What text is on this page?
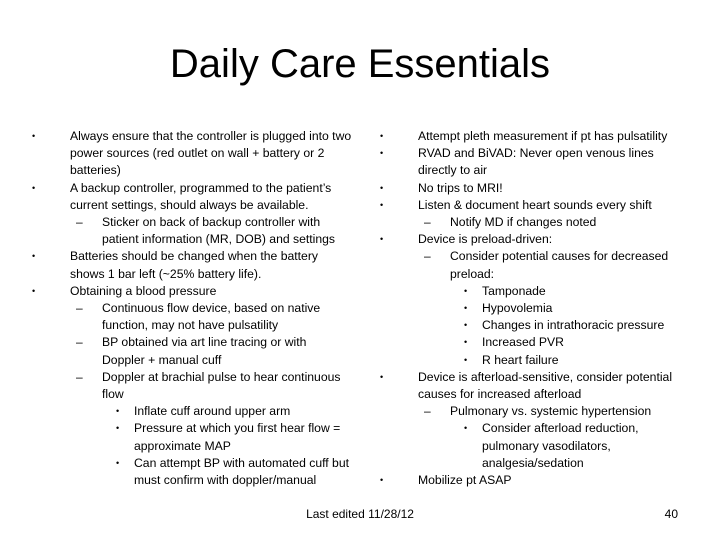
Daily Care Essentials
•	Always ensure that the controller is plugged into two power sources (red outlet on wall + battery or 2 batteries)
•	A backup controller, programmed to the patient’s current settings, should always be available.
– Sticker on back of backup controller with patient information (MR, DOB) and settings
•	Batteries should be changed when the battery shows 1 bar left (~25% battery life).
•	Obtaining a blood pressure
– Continuous flow device, based on native function, may not have pulsatility
– BP obtained via art line tracing or with Doppler + manual cuff
– Doppler at brachial pulse to hear continuous flow
• Inflate cuff around upper arm
• Pressure at which you first hear flow = approximate MAP
• Can attempt BP with automated cuff but must confirm with doppler/manual
•	Attempt pleth measurement if pt has pulsatility
•	RVAD and BiVAD: Never open venous lines directly to air
•	No trips to MRI!
•	Listen & document heart sounds every shift
– Notify MD if changes noted
•	Device is preload-driven:
– Consider potential causes for decreased preload:
• Tamponade
• Hypovolemia
• Changes in intrathoracic pressure
• Increased PVR
• R heart failure
•	Device is afterload-sensitive, consider potential causes for increased afterload
– Pulmonary vs. systemic hypertension
• Consider afterload reduction, pulmonary vasodilators, analgesia/sedation
•	Mobilize pt ASAP
Last edited 11/28/12	40
